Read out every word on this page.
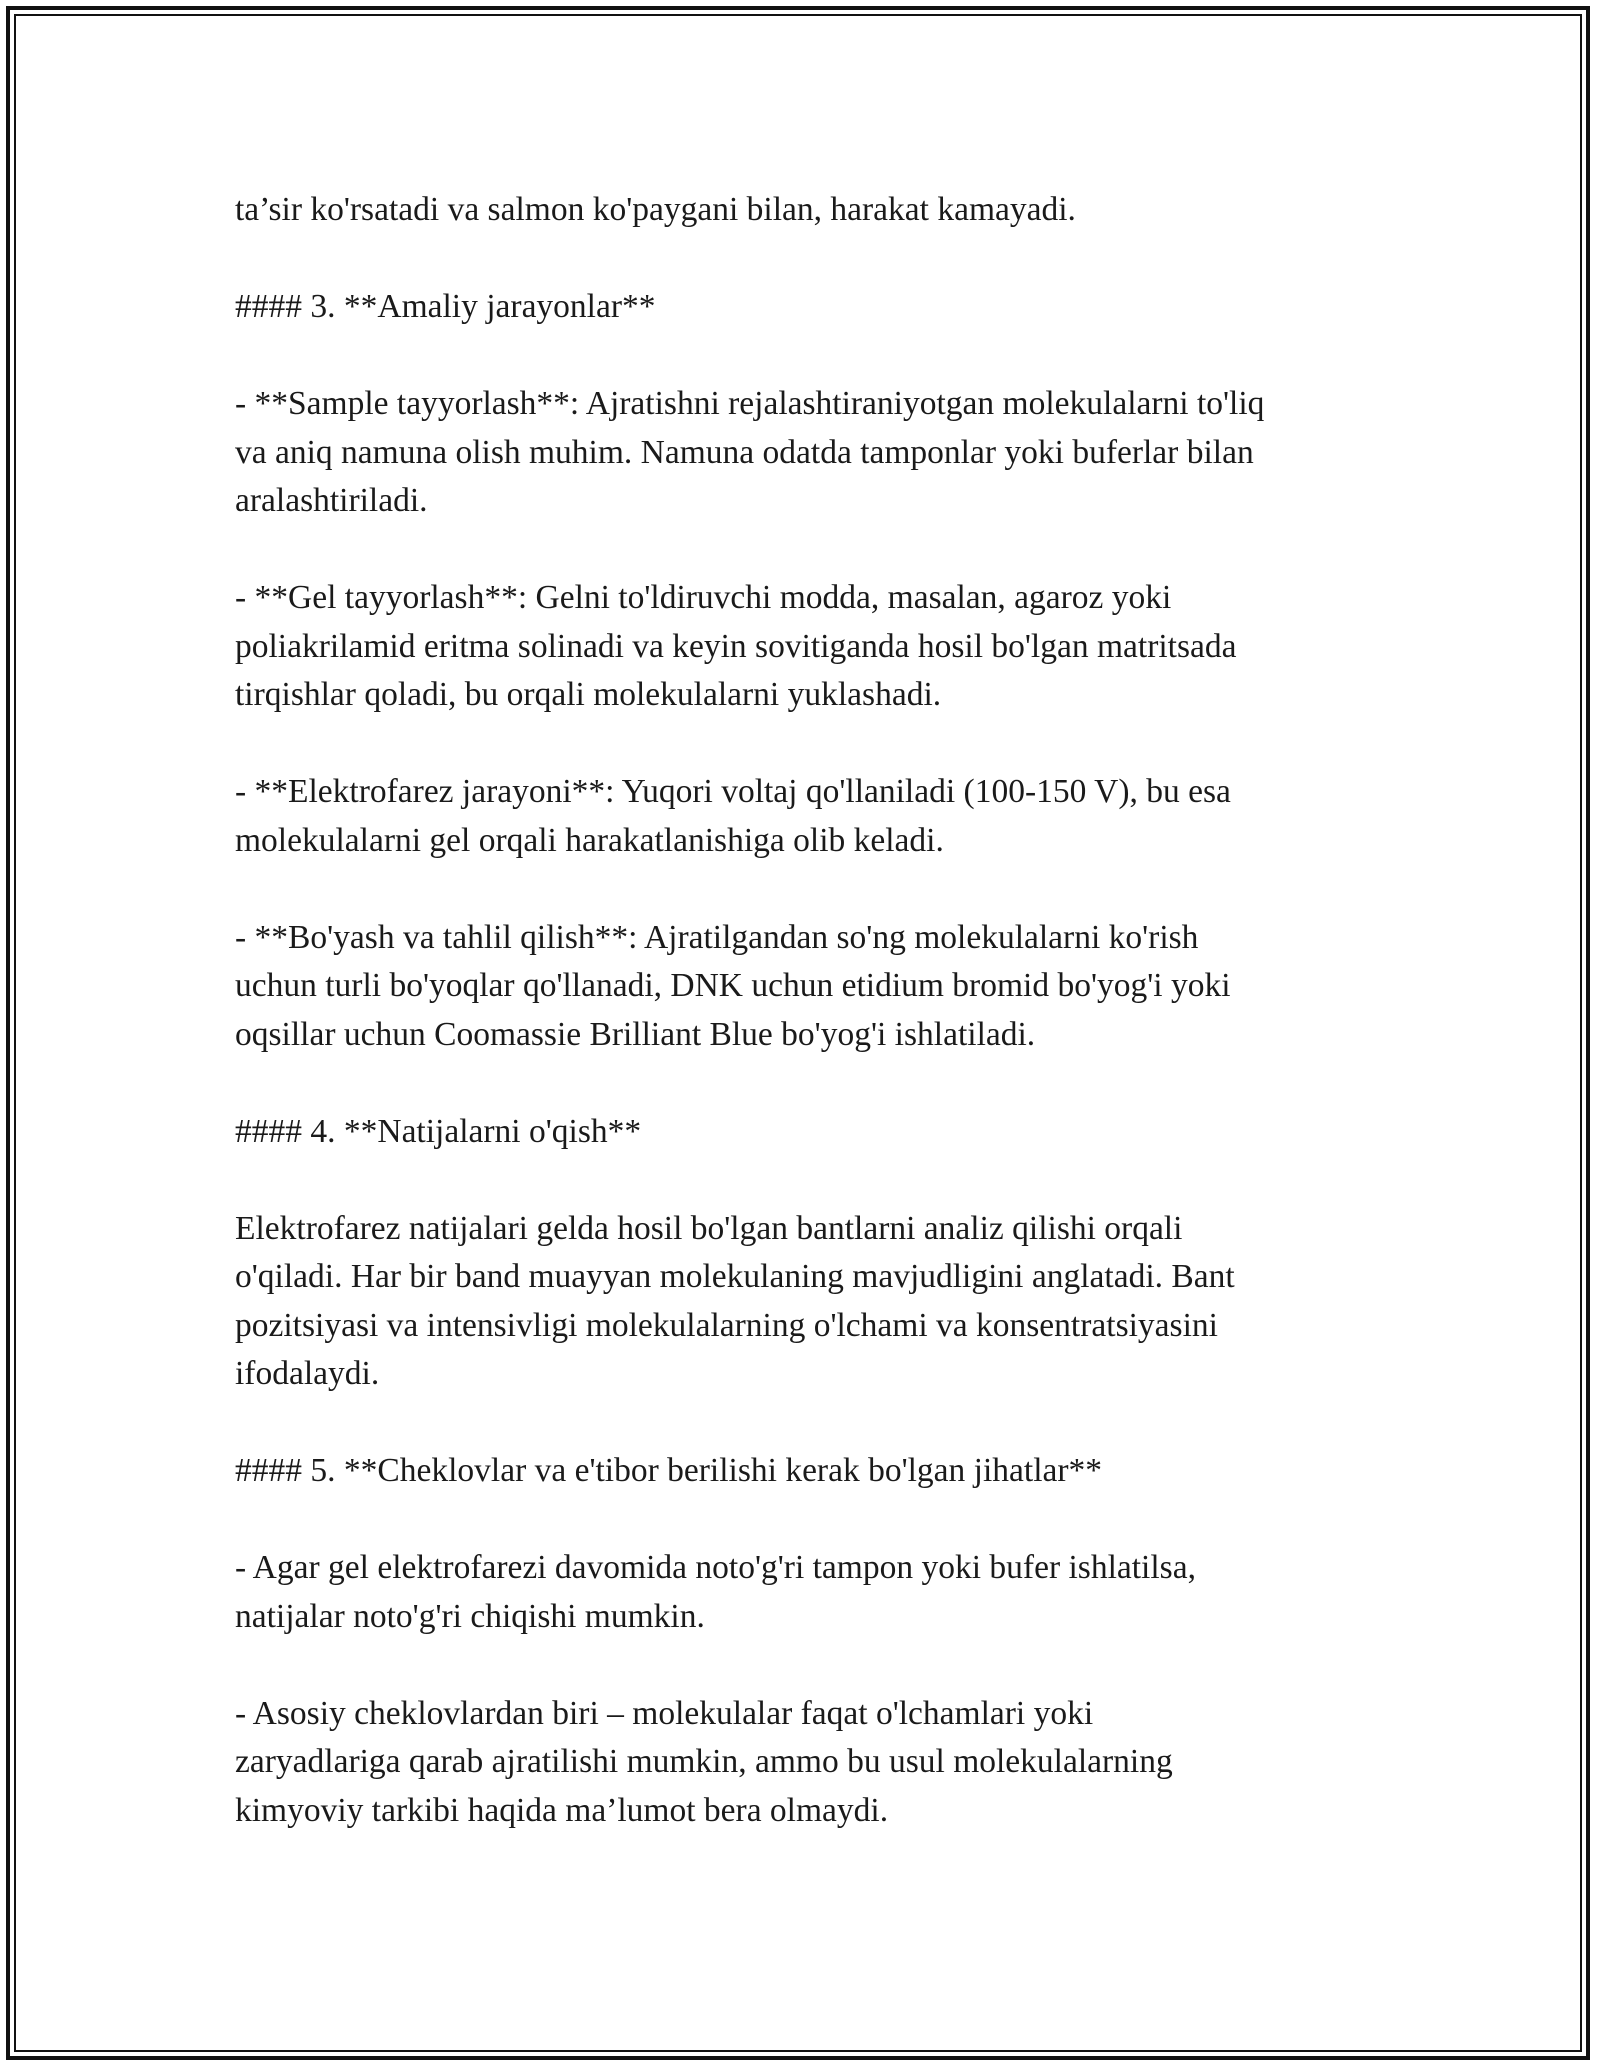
ta’sir ko'rsatadi va salmon ko'paygani bilan, harakat kamayadi.

#### 3. **Amaliy jarayonlar**

- **Sample tayyorlash**: Ajratishni rejalashtiraniyotgan molekulalarni to'liq
va aniq namuna olish muhim. Namuna odatda tamponlar yoki buferlar bilan
aralashtiriladi.

- **Gel tayyorlash**: Gelni to'ldiruvchi modda, masalan, agaroz yoki
poliakrilamid eritma solinadi va keyin sovitiganda hosil bo'lgan matritsada
tirqishlar qoladi, bu orqali molekulalarni yuklashadi.

- **Elektrofarez jarayoni**: Yuqori voltaj qo'llaniladi (100-150 V), bu esa
molekulalarni gel orqali harakatlanishiga olib keladi.

- **Bo'yash va tahlil qilish**: Ajratilgandan so'ng molekulalarni ko'rish
uchun turli bo'yoqlar qo'llanadi, DNK uchun etidium bromid bo'yog'i yoki
oqsillar uchun Coomassie Brilliant Blue bo'yog'i ishlatiladi.

#### 4. **Natijalarni o'qish**

Elektrofarez natijalari gelda hosil bo'lgan bantlarni analiz qilishi orqali
o'qiladi. Har bir band muayyan molekulaning mavjudligini anglatadi. Bant
pozitsiyasi va intensivligi molekulalarning o'lchami va konsentratsiyasini
ifodalaydi.

#### 5. **Cheklovlar va e'tibor berilishi kerak bo'lgan jihatlar**

- Agar gel elektrofarezi davomida noto'g'ri tampon yoki bufer ishlatilsa,
natijalar noto'g'ri chiqishi mumkin.

- Asosiy cheklovlardan biri – molekulalar faqat o'lchamlari yoki
zaryadlariga qarab ajratilishi mumkin, ammo bu usul molekulalarning
kimyoviy tarkibi haqida ma’lumot bera olmaydi.
